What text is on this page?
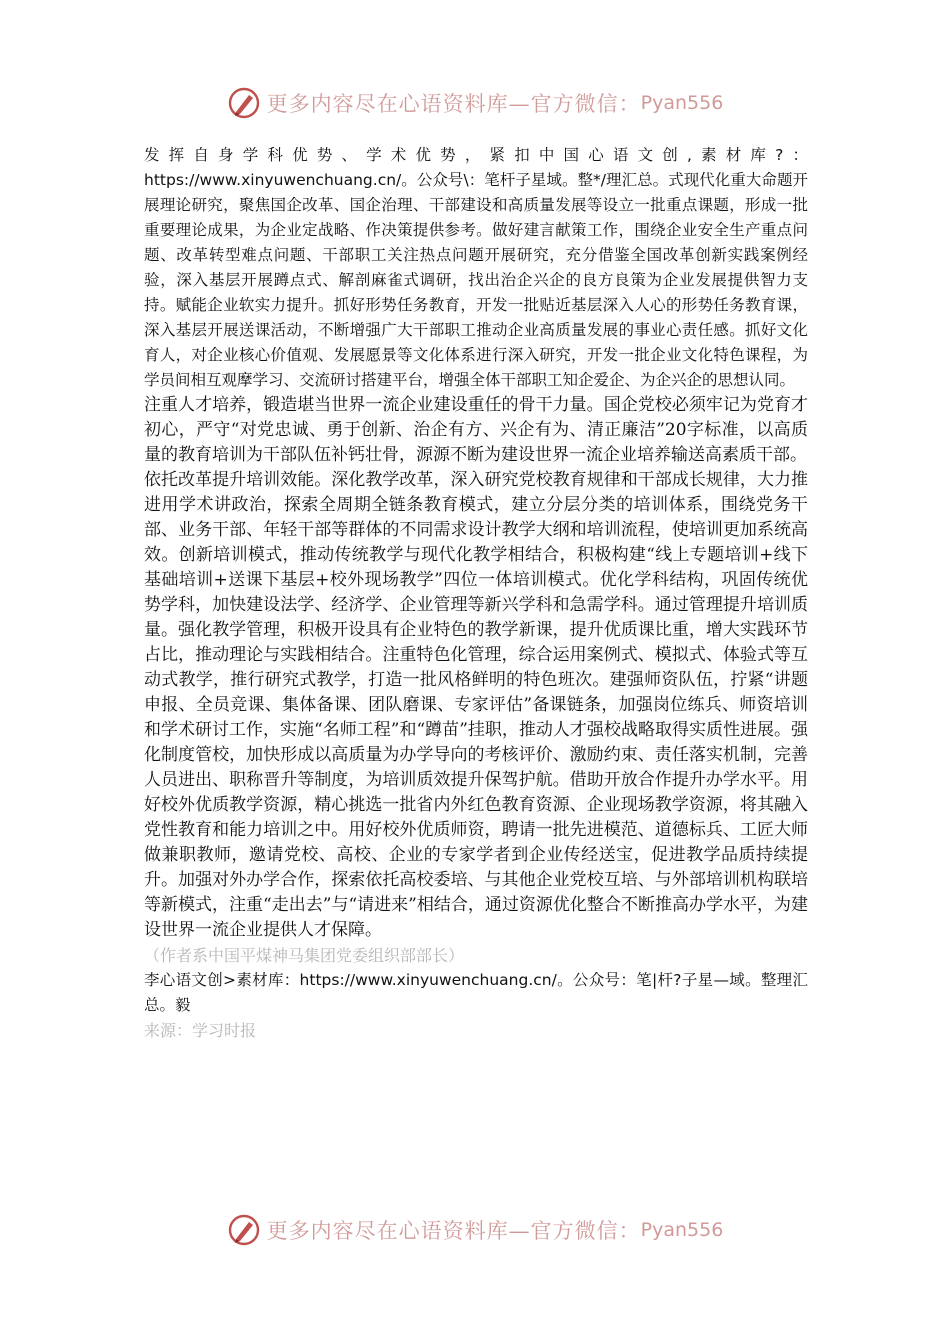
更多内容尽在心语资料库—官方微信： Pyan556

发挥自身学科优势、学术优势，紧扣中国心语文创,素材库?：https://www.xinyuwenchuang.cn/。公众号\：笔杆子星域。整*/理汇总。式现代化重大命题开展理论研究，聚焦国企改革、国企治理、干部建设和高质量发展等设立一批重点课题，形成一批重要理论成果，为企业定战略、作决策提供参考。做好建言献策工作，围绕企业安全生产重点问题、改革转型难点问题、干部职工关注热点问题开展研究，充分借鉴全国改革创新实践案例经验，深入基层开展蹲点式、解剖麻雀式调研，找出治企兴企的良方良策为企业发展提供智力支持。赋能企业软实力提升。抓好形势任务教育，开发一批贴近基层深入人心的形势任务教育课，深入基层开展送课活动，不断增强广大干部职工推动企业高质量发展的事业心责任感。抓好文化育人，对企业核心价值观、发展愿景等文化体系进行深入研究，开发一批企业文化特色课程，为学员间相互观摩学习、交流研讨搭建平台，增强全体干部职工知企爱企、为企兴企的思想认同。

注重人才培养，锻造堪当世界一流企业建设重任的骨干力量。国企党校必须牢记为党育才初心，严守“对党忠诚、勇于创新、治企有方、兴企有为、清正廉洁”20字标准，以高质量的教育培训为干部队伍补钙壮骨，源源不断为建设世界一流企业培养输送高素质干部。

依托改革提升培训效能。深化教学改革，深入研究党校教育规律和干部成长规律，大力推进用学术讲政治，探索全周期全链条教育模式，建立分层分类的培训体系，围绕党务干部、业务干部、年轻干部等群体的不同需求设计教学大纲和培训流程，使培训更加系统高效。创新培训模式，推动传统教学与现代化教学相结合，积极构建“线上专题培训+线下基础培训+送课下基层+校外现场教学”四位一体培训模式。优化学科结构，巩固传统优势学科，加快建设法学、经济学、企业管理等新兴学科和急需学科。通过管理提升培训质量。强化教学管理，积极开设具有企业特色的教学新课，提升优质课比重，增大实践环节占比，推动理论与实践相结合。注重特色化管理，综合运用案例式、模拟式、体验式等互动式教学，推行研究式教学，打造一批风格鲜明的特色班次。建强师资队伍，拧紧“讲题申报、全员竞课、集体备课、团队磨课、专家评估”备课链条，加强岗位练兵、师资培训和学术研讨工作，实施“名师工程”和“蹲苗”挂职，推动人才强校战略取得实质性进展。强化制度管校，加快形成以高质量为办学导向的考核评价、激励约束、责任落实机制，完善人员进出、职称晋升等制度，为培训质效提升保驾护航。借助开放合作提升办学水平。用好校外优质教学资源，精心挑选一批省内外红色教育资源、企业现场教学资源，将其融入党性教育和能力培训之中。用好校外优质师资，聘请一批先进模范、道德标兵、工匠大师做兼职教师，邀请党校、高校、企业的专家学者到企业传经送宝，促进教学品质持续提升。加强对外办学合作，探索依托高校委培、与其他企业党校互培、与外部培训机构联培等新模式，注重“走出去”与“请进来”相结合，通过资源优化整合不断推高办学水平，为建设世界一流企业提供人才保障。

（作者系中国平煤神马集团党委组织部部长）

李心语文创>素材库：https://www.xinyuwenchuang.cn/。公众号：笔|杆?子星—域。整理汇总。毅

来源：学习时报

更多内容尽在心语资料库—官方微信： Pyan556
